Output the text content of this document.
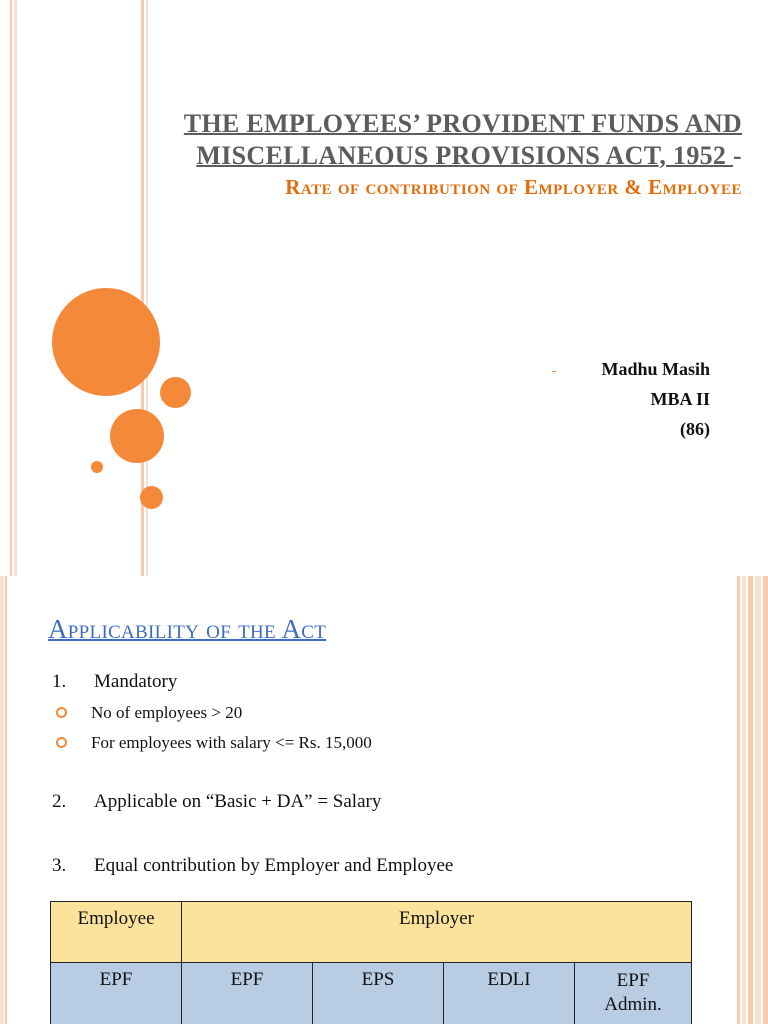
THE EMPLOYEES’ PROVIDENT FUNDS AND
MISCELLANEOUS PROVISIONS ACT, 1952 -
Rate of contribution of Employer & Employee
Madhu Masih
MBA II
(86)
Applicability of the Act
1. Mandatory
No of employees > 20
For employees with salary <= Rs. 15,000
2. Applicable on “Basic + DA” = Salary
3. Equal contribution by Employer and Employee
Employee	Employer			
EPF	EPF	EPS	EDLI	EPF
Admin.
